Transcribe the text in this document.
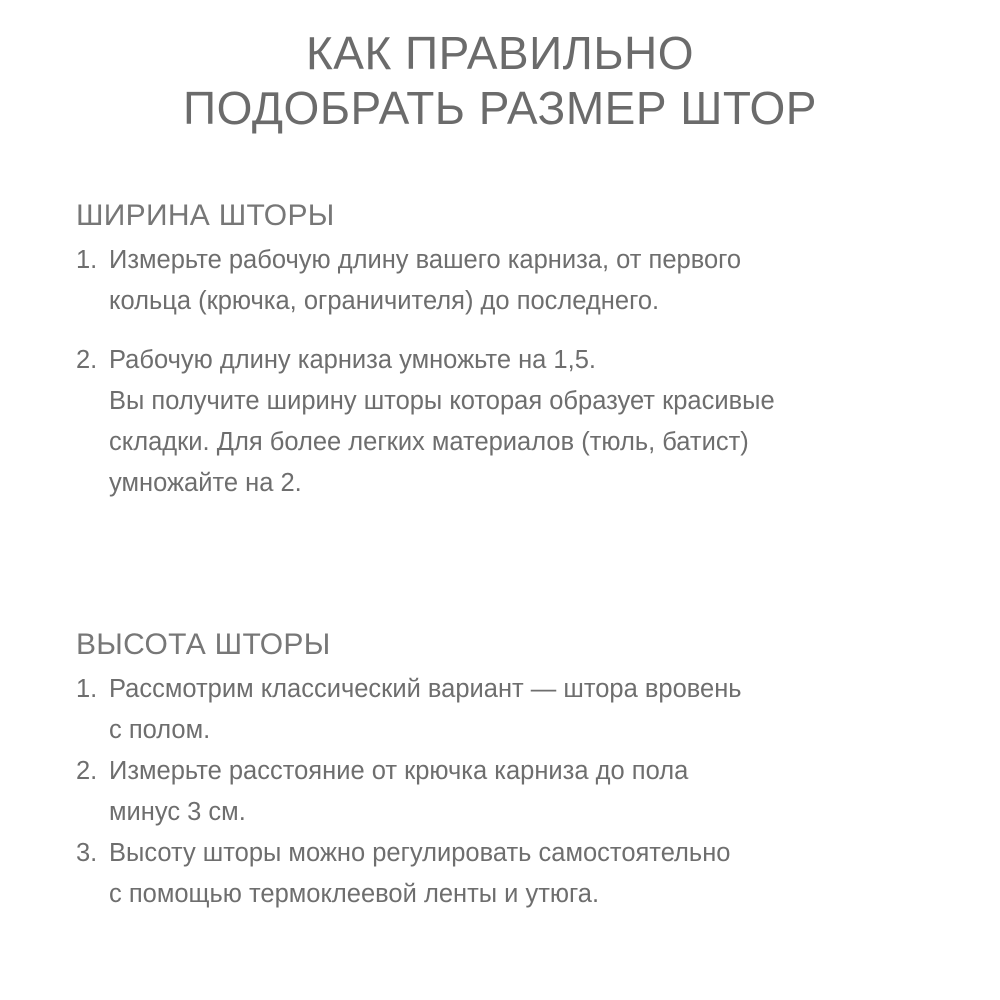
КАК ПРАВИЛЬНО
ПОДОБРАТЬ РАЗМЕР ШТОР
ШИРИНА ШТОРЫ
1. Измерьте рабочую длину вашего карниза, от первого
кольца (крючка, ограничителя) до последнего.
2. Рабочую длину карниза умножьте на 1,5.
Вы получите ширину шторы которая образует красивые
складки. Для более легких материалов (тюль, батист)
умножайте на 2.
ВЫСОТА ШТОРЫ
1. Рассмотрим классический вариант — штора вровень
с полом.
2. Измерьте расстояние от крючка карниза до пола
минус 3 см.
3. Высоту шторы можно регулировать самостоятельно
с помощью термоклеевой ленты и утюга.
